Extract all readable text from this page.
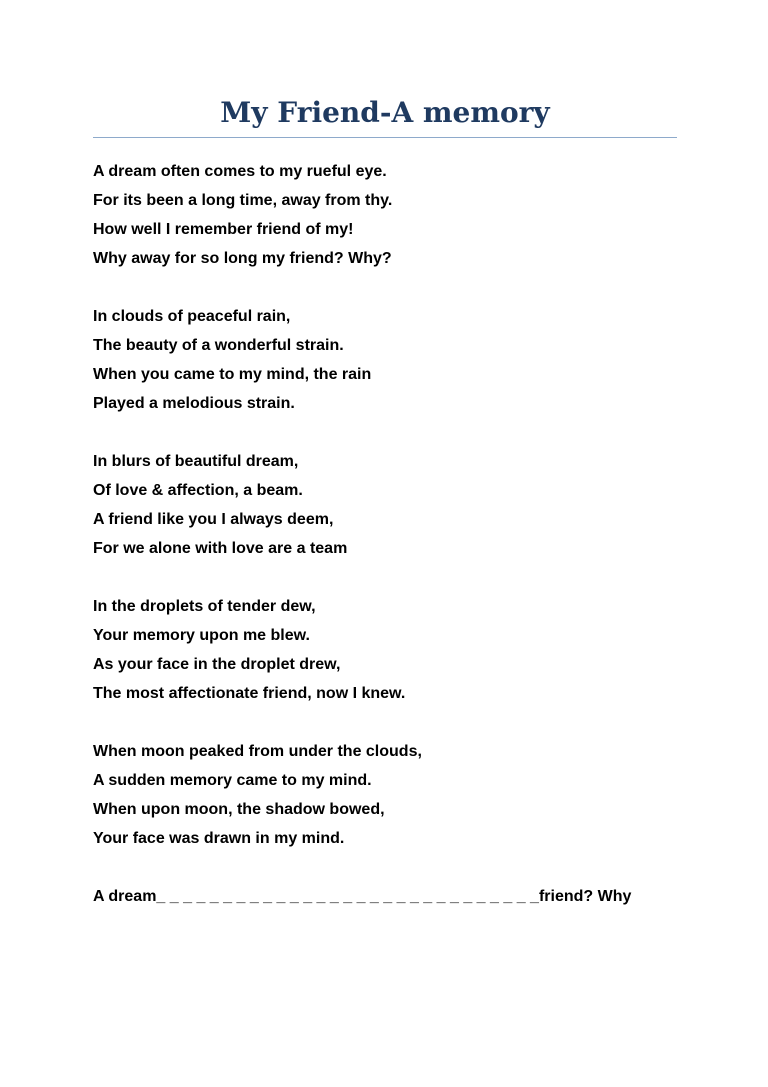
My Friend-A memory
A dream often comes to my rueful eye.
For its been a long time, away from thy.
How well I remember friend of my!
Why away for so long my friend? Why?
In clouds of peaceful rain,
The beauty of a wonderful strain.
When you came to my mind, the rain
Played a melodious strain.
In blurs of beautiful dream,
Of love & affection, a beam.
A friend like you I always deem,
For we alone with love are a team
In the droplets of tender dew,
Your memory upon me blew.
As your face in the droplet drew,
The most affectionate friend, now I knew.
When moon peaked from under the clouds,
A sudden memory came to my mind.
When upon moon, the shadow bowed,
Your face was drawn in my mind.
A dream_ _ _ _ _ _ _ _ _ _ _ _ _ _ _ _ _ _ _ _ _ _ _ _ _ _ _ _ _friend? Why
